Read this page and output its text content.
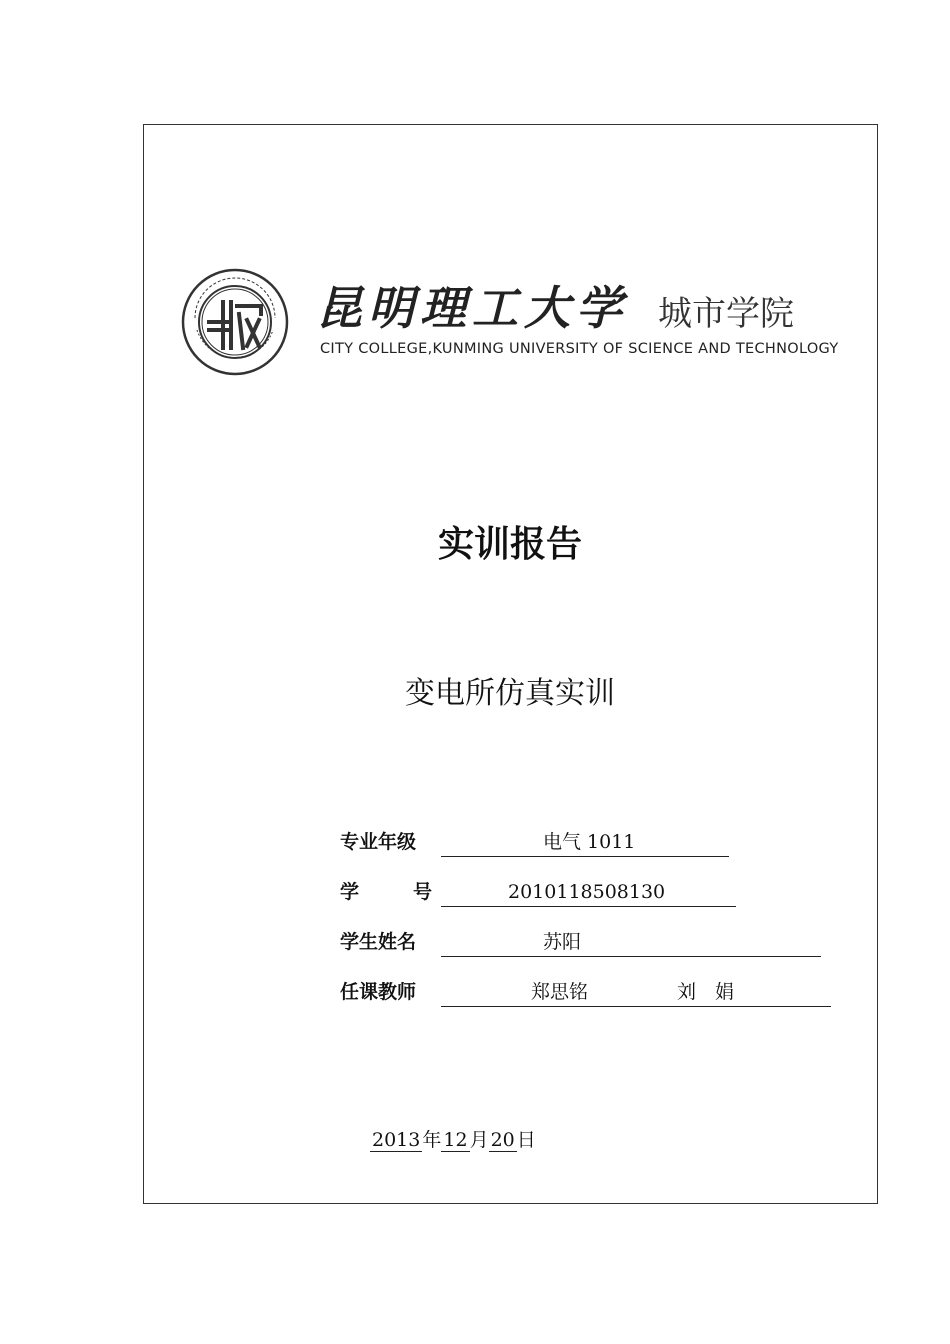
昆明理工大学 城市学院
CITY COLLEGE,KUNMING UNIVERSITY OF SCIENCE AND TECHNOLOGY
实训报告
变电所仿真实训
专业年级	电气 1011
学	号	2010118508130
学生姓名	苏阳
任课教师	郑思铭	刘　娟
2013 年 12 月 20 日
